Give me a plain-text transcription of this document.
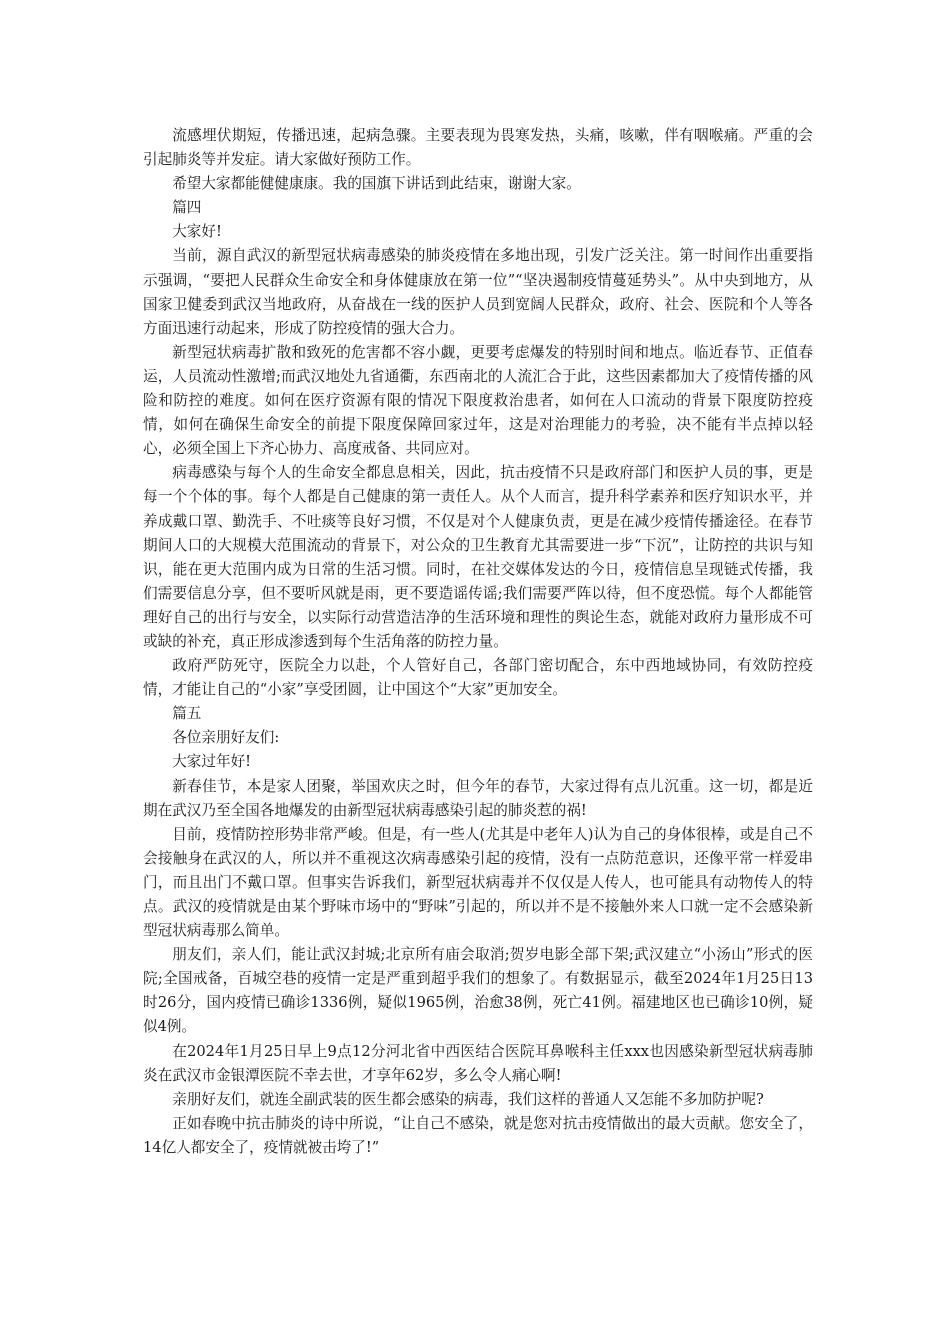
流感埋伏期短，传播迅速，起病急骤。主要表现为畏寒发热，头痛，咳嗽，伴有咽喉痛。严重的会引起肺炎等并发症。请大家做好预防工作。

希望大家都能健健康康。我的国旗下讲话到此结束，谢谢大家。

篇四

大家好!

当前，源自武汉的新型冠状病毒感染的肺炎疫情在多地出现，引发广泛关注。第一时间作出重要指示强调，“要把人民群众生命安全和身体健康放在第一位”“坚决遏制疫情蔓延势头”。从中央到地方，从国家卫健委到武汉当地政府，从奋战在一线的医护人员到宽阔人民群众，政府、社会、医院和个人等各方面迅速行动起来，形成了防控疫情的强大合力。

新型冠状病毒扩散和致死的危害都不容小觑，更要考虑爆发的特别时间和地点。临近春节、正值春运，人员流动性激增;而武汉地处九省通衢，东西南北的人流汇合于此，这些因素都加大了疫情传播的风险和防控的难度。如何在医疗资源有限的情况下限度救治患者，如何在人口流动的背景下限度防控疫情，如何在确保生命安全的前提下限度保障回家过年，这是对治理能力的考验，决不能有半点掉以轻心，必须全国上下齐心协力、高度戒备、共同应对。

病毒感染与每个人的生命安全都息息相关，因此，抗击疫情不只是政府部门和医护人员的事，更是每一个个体的事。每个人都是自己健康的第一责任人。从个人而言，提升科学素养和医疗知识水平，并养成戴口罩、勤洗手、不吐痰等良好习惯，不仅是对个人健康负责，更是在减少疫情传播途径。在春节期间人口的大规模大范围流动的背景下，对公众的卫生教育尤其需要进一步“下沉”，让防控的共识与知识，能在更大范围内成为日常的生活习惯。同时，在社交媒体发达的今日，疫情信息呈现链式传播，我们需要信息分享，但不要听风就是雨，更不要造谣传谣;我们需要严阵以待，但不度恐慌。每个人都能管理好自己的出行与安全，以实际行动营造洁净的生活环境和理性的舆论生态，就能对政府力量形成不可或缺的补充，真正形成渗透到每个生活角落的防控力量。

政府严防死守，医院全力以赴，个人管好自己，各部门密切配合，东中西地域协同，有效防控疫情，才能让自己的“小家”享受团圆，让中国这个“大家”更加安全。

篇五

各位亲朋好友们:

大家过年好!

新春佳节，本是家人团聚，举国欢庆之时，但今年的春节，大家过得有点儿沉重。这一切，都是近期在武汉乃至全国各地爆发的由新型冠状病毒感染引起的肺炎惹的祸!

目前，疫情防控形势非常严峻。但是，有一些人(尤其是中老年人)认为自己的身体很棒，或是自己不会接触身在武汉的人，所以并不重视这次病毒感染引起的疫情，没有一点防范意识，还像平常一样爱串门，而且出门不戴口罩。但事实告诉我们，新型冠状病毒并不仅仅是人传人，也可能具有动物传人的特点。武汉的疫情就是由某个野味市场中的“野味”引起的，所以并不是不接触外来人口就一定不会感染新型冠状病毒那么简单。

朋友们，亲人们，能让武汉封城;北京所有庙会取消;贺岁电影全部下架;武汉建立“小汤山”形式的医院;全国戒备，百城空巷的疫情一定是严重到超乎我们的想象了。有数据显示，截至2024年1月25日13时26分，国内疫情已确诊1336例，疑似1965例，治愈38例，死亡41例。福建地区也已确诊10例，疑似4例。

在2024年1月25日早上9点12分河北省中西医结合医院耳鼻喉科主任xxx也因感染新型冠状病毒肺炎在武汉市金银潭医院不幸去世，才享年62岁，多么令人痛心啊!

亲朋好友们，就连全副武装的医生都会感染的病毒，我们这样的普通人又怎能不多加防护呢?

正如春晚中抗击肺炎的诗中所说，“让自己不感染，就是您对抗击疫情做出的最大贡献。您安全了，14亿人都安全了，疫情就被击垮了!”
